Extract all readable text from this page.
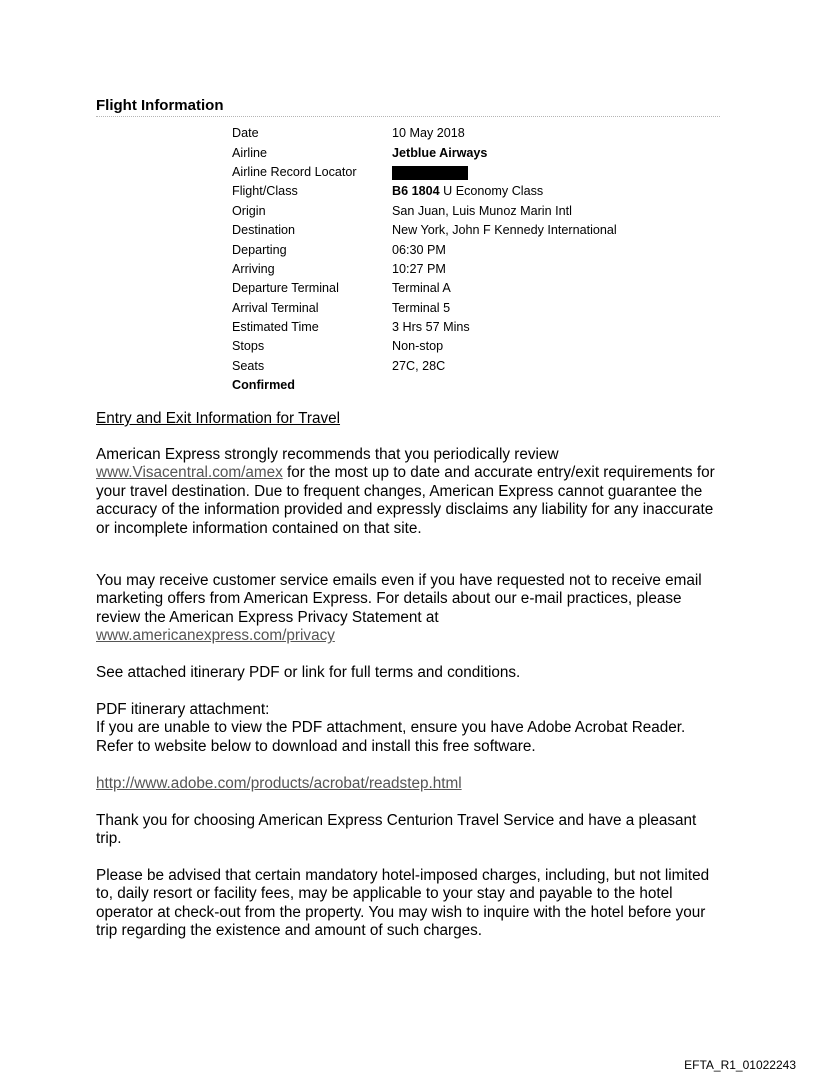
Flight Information
Date	10 May 2018
Airline	Jetblue Airways
Airline Record Locator
Flight/Class	B6 1804 U Economy Class
Origin	San Juan, Luis Munoz Marin Intl
Destination	New York, John F Kennedy International
Departing	06:30 PM
Arriving	10:27 PM
Departure Terminal	Terminal A
Arrival Terminal	Terminal 5
Estimated Time	3 Hrs 57 Mins
Stops	Non-stop
Seats	27C, 28C
Confirmed
Entry and Exit Information for Travel

American Express strongly recommends that you periodically review
www.Visacentral.com/amex for the most up to date and accurate entry/exit requirements for your travel destination. Due to frequent changes, American Express cannot guarantee the accuracy of the information provided and expressly disclaims any liability for any inaccurate or incomplete information contained on that site.

You may receive customer service emails even if you have requested not to receive email marketing offers from American Express. For details about our e-mail practices, please review the American Express Privacy Statement at
www.americanexpress.com/privacy

See attached itinerary PDF or link for full terms and conditions.

PDF itinerary attachment:

If you are unable to view the PDF attachment, ensure you have Adobe Acrobat Reader. Refer to website below to download and install this free software.

http://www.adobe.com/products/acrobat/readstep.html

Thank you for choosing American Express Centurion Travel Service and have a pleasant trip.

Please be advised that certain mandatory hotel-imposed charges, including, but not limited to, daily resort or facility fees, may be applicable to your stay and payable to the hotel operator at check-out from the property. You may wish to inquire with the hotel before your trip regarding the existence and amount of such charges.

EFTA_R1_01022243
